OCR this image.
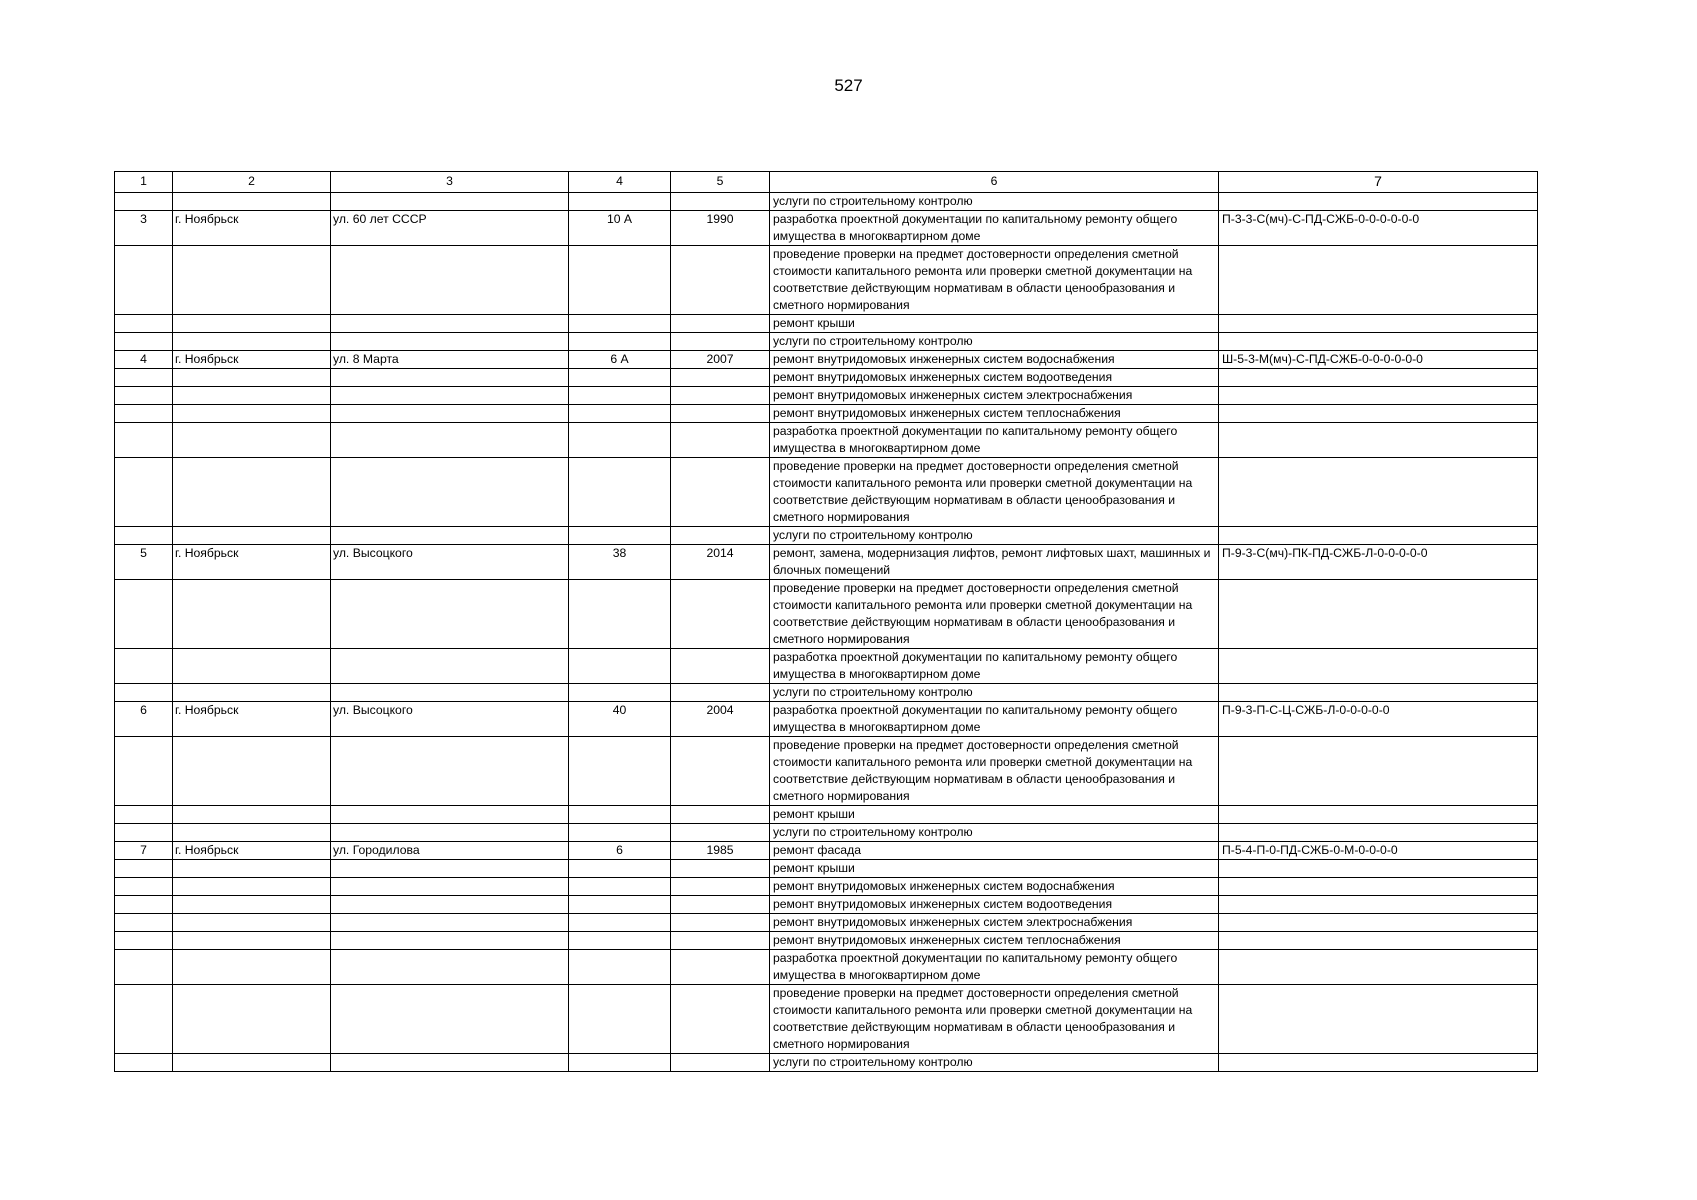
527
1	2	3	4	5	6	7
					услуги по строительному контролю	
3	г. Ноябрьск	ул. 60 лет СССР	10 А	1990	разработка проектной документации по капитальному ремонту общего имущества в многоквартирном доме	П-3-3-С(мч)-С-ПД-СЖБ-0-0-0-0-0-0
					проведение проверки на предмет достоверности определения сметной стоимости капитального ремонта или проверки сметной документации на соответствие действующим нормативам в области ценообразования и сметного нормирования	
					ремонт крыши	
					услуги по строительному контролю	
4	г. Ноябрьск	ул. 8 Марта	6 А	2007	ремонт внутридомовых инженерных систем водоснабжения	Ш-5-3-М(мч)-С-ПД-СЖБ-0-0-0-0-0-0
					ремонт внутридомовых инженерных систем водоотведения	
					ремонт внутридомовых инженерных систем электроснабжения	
					ремонт внутридомовых инженерных систем теплоснабжения	
					разработка проектной документации по капитальному ремонту общего имущества в многоквартирном доме	
					проведение проверки на предмет достоверности определения сметной стоимости капитального ремонта или проверки сметной документации на соответствие действующим нормативам в области ценообразования и сметного нормирования	
					услуги по строительному контролю	
5	г. Ноябрьск	ул. Высоцкого	38	2014	ремонт, замена, модернизация лифтов, ремонт лифтовых шахт, машинных и блочных помещений	П-9-3-С(мч)-ПК-ПД-СЖБ-Л-0-0-0-0-0
					проведение проверки на предмет достоверности определения сметной стоимости капитального ремонта или проверки сметной документации на соответствие действующим нормативам в области ценообразования и сметного нормирования	
					разработка проектной документации по капитальному ремонту общего имущества в многоквартирном доме	
					услуги по строительному контролю	
6	г. Ноябрьск	ул. Высоцкого	40	2004	разработка проектной документации по капитальному ремонту общего имущества в многоквартирном доме	П-9-3-П-С-Ц-СЖБ-Л-0-0-0-0-0
					проведение проверки на предмет достоверности определения сметной стоимости капитального ремонта или проверки сметной документации на соответствие действующим нормативам в области ценообразования и сметного нормирования	
					ремонт крыши	
					услуги по строительному контролю	
7	г. Ноябрьск	ул. Городилова	6	1985	ремонт фасада	П-5-4-П-0-ПД-СЖБ-0-М-0-0-0-0
					ремонт крыши	
					ремонт внутридомовых инженерных систем водоснабжения	
					ремонт внутридомовых инженерных систем водоотведения	
					ремонт внутридомовых инженерных систем электроснабжения	
					ремонт внутридомовых инженерных систем теплоснабжения	
					разработка проектной документации по капитальному ремонту общего имущества в многоквартирном доме	
					проведение проверки на предмет достоверности определения сметной стоимости капитального ремонта или проверки сметной документации на соответствие действующим нормативам в области ценообразования и сметного нормирования	
					услуги по строительному контролю	
